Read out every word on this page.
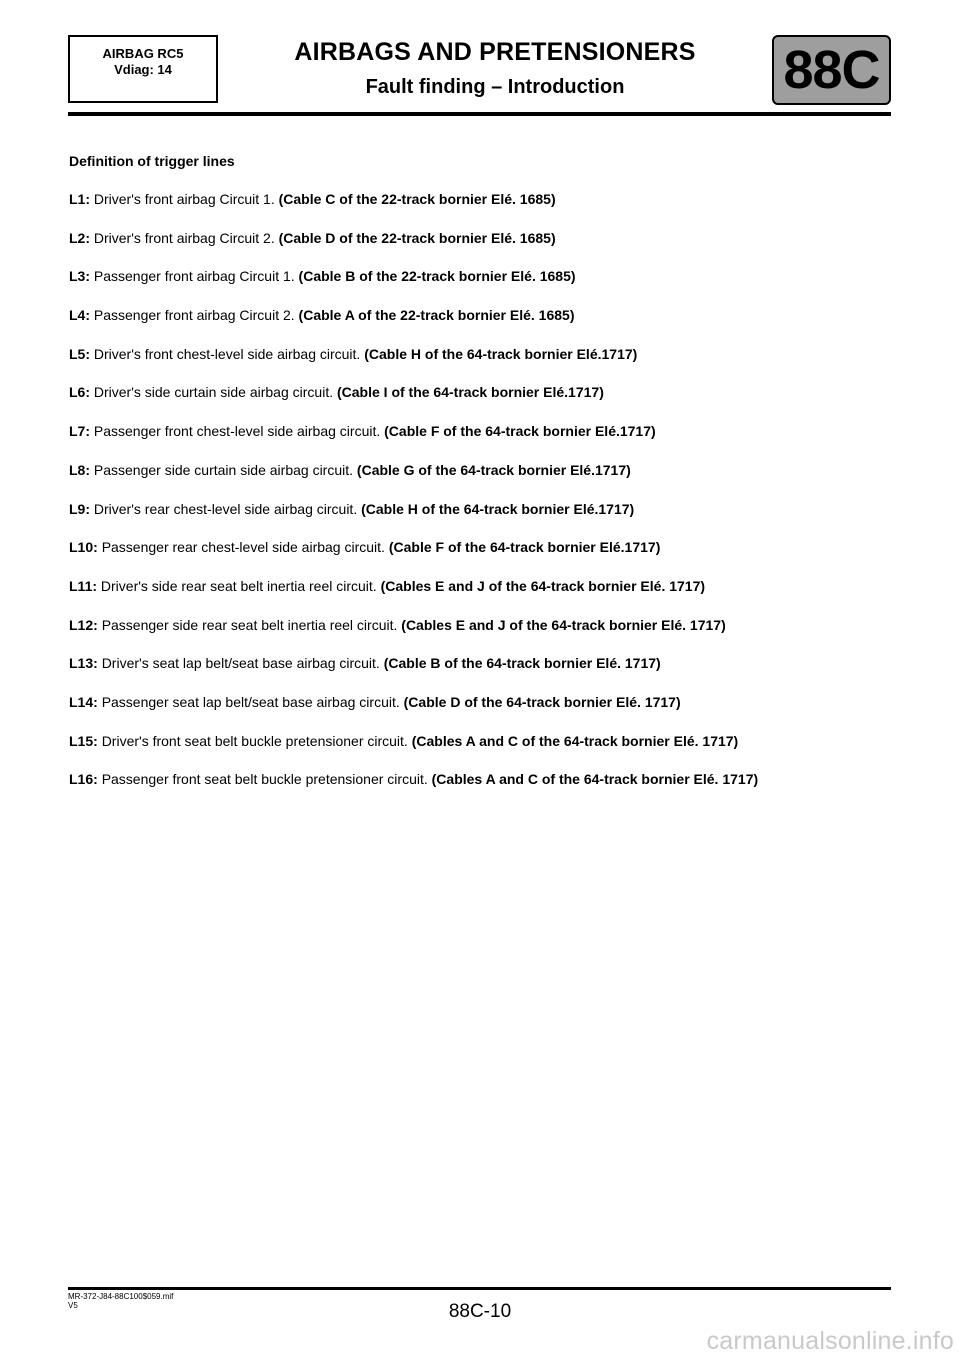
AIRBAG RC5
Vdiag: 14
AIRBAGS AND PRETENSIONERS
Fault finding – Introduction	88C
Definition of trigger lines
L1: Driver's front airbag Circuit 1. (Cable C of the 22-track bornier Elé. 1685)
L2: Driver's front airbag Circuit 2. (Cable D of the 22-track bornier Elé. 1685)
L3: Passenger front airbag Circuit 1. (Cable B of the 22-track bornier Elé. 1685)
L4: Passenger front airbag Circuit 2. (Cable A of the 22-track bornier Elé. 1685)
L5: Driver's front chest-level side airbag circuit. (Cable H of the 64-track bornier Elé.1717)
L6: Driver's side curtain side airbag circuit. (Cable I of the 64-track bornier Elé.1717)
L7: Passenger front chest-level side airbag circuit. (Cable F of the 64-track bornier Elé.1717)
L8: Passenger side curtain side airbag circuit. (Cable G of the 64-track bornier Elé.1717)
L9: Driver's rear chest-level side airbag circuit. (Cable H of the 64-track bornier Elé.1717)
L10: Passenger rear chest-level side airbag circuit. (Cable F of the 64-track bornier Elé.1717)
L11: Driver's side rear seat belt inertia reel circuit. (Cables E and J of the 64-track bornier Elé. 1717)
L12: Passenger side rear seat belt inertia reel circuit. (Cables E and J of the 64-track bornier Elé. 1717)
L13: Driver's seat lap belt/seat base airbag circuit. (Cable B of the 64-track bornier Elé. 1717)
L14: Passenger seat lap belt/seat base airbag circuit. (Cable D of the 64-track bornier Elé. 1717)
L15: Driver's front seat belt buckle pretensioner circuit. (Cables A and C of the 64-track bornier Elé. 1717)
L16: Passenger front seat belt buckle pretensioner circuit. (Cables A and C of the 64-track bornier Elé. 1717)
MR-372-J84-88C100$059.mif
V5	88C-10
carmanualsonline.info
